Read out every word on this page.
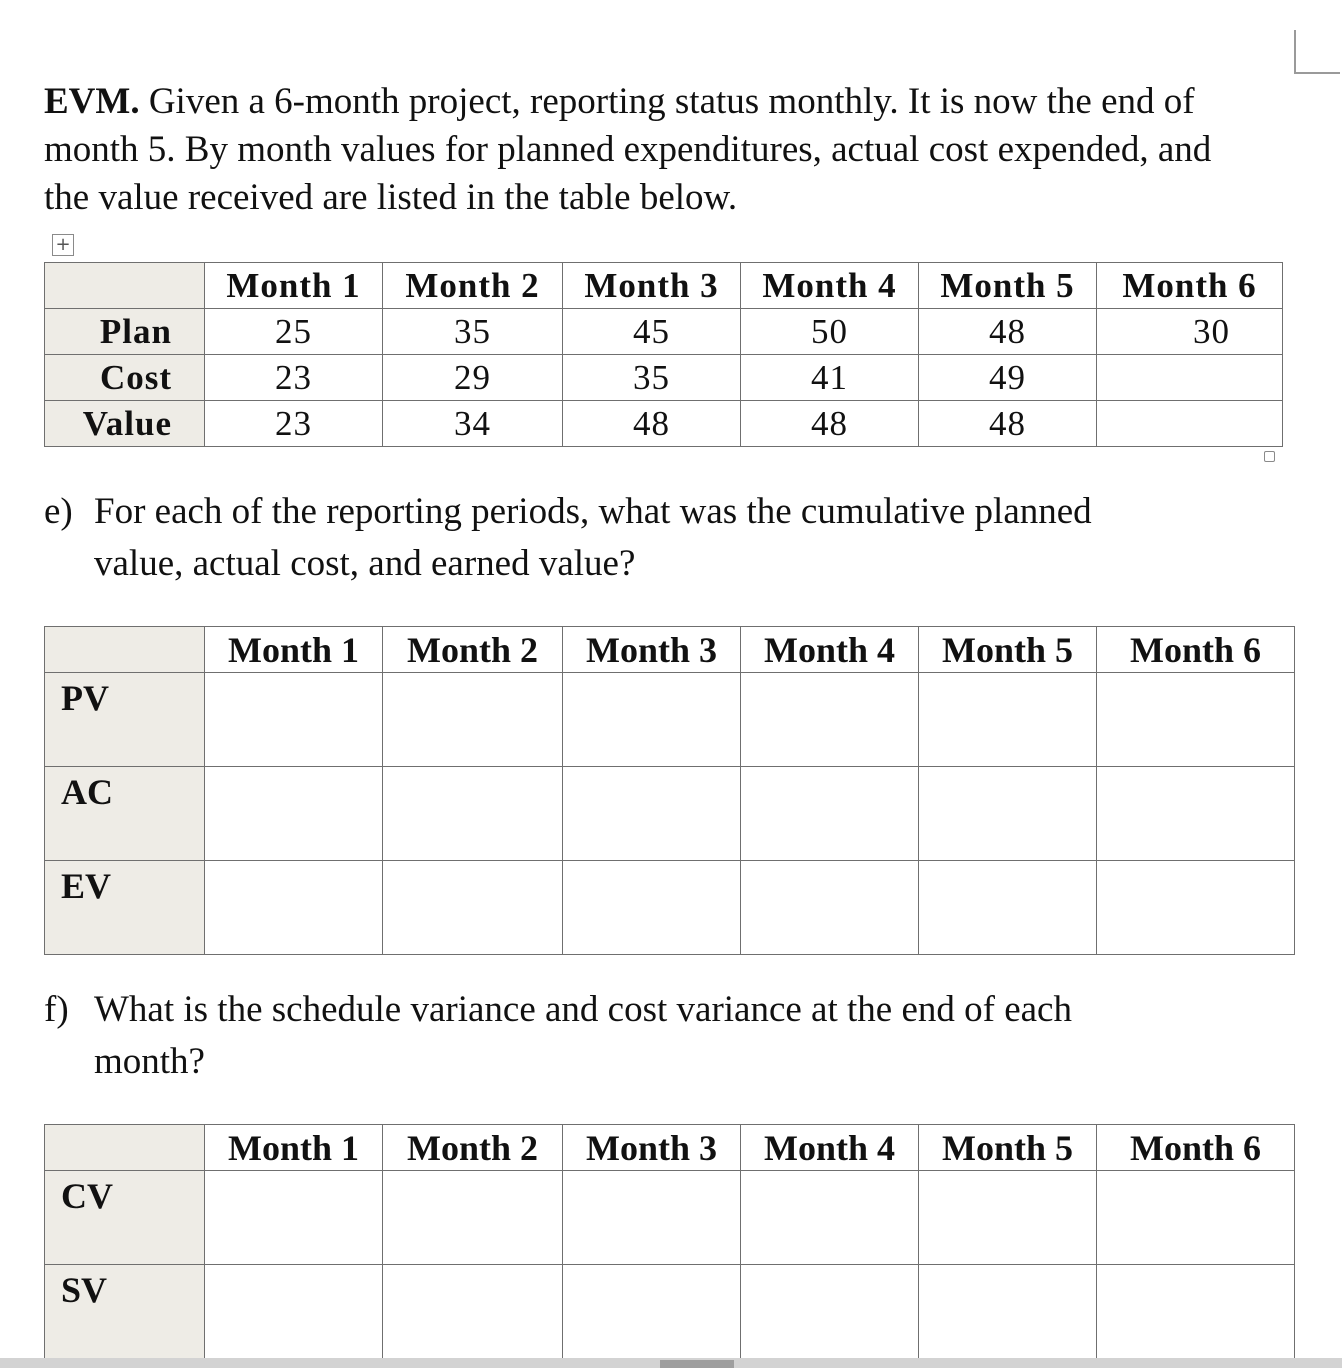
EVM. Given a 6-month project, reporting status monthly. It is now the end of month 5. By month values for planned expenditures, actual cost expended, and the value received are listed in the table below.

+
	Month 1	Month 2	Month 3	Month 4	Month 5	Month 6
Plan	25	35	45	50	48	30
Cost	23	29	35	41	49	
Value	23	34	48	48	48	

e) For each of the reporting periods, what was the cumulative planned value, actual cost, and earned value?

	Month 1	Month 2	Month 3	Month 4	Month 5	Month 6
PV						
AC						
EV						

f) What is the schedule variance and cost variance at the end of each month?

	Month 1	Month 2	Month 3	Month 4	Month 5	Month 6
CV						
SV						
